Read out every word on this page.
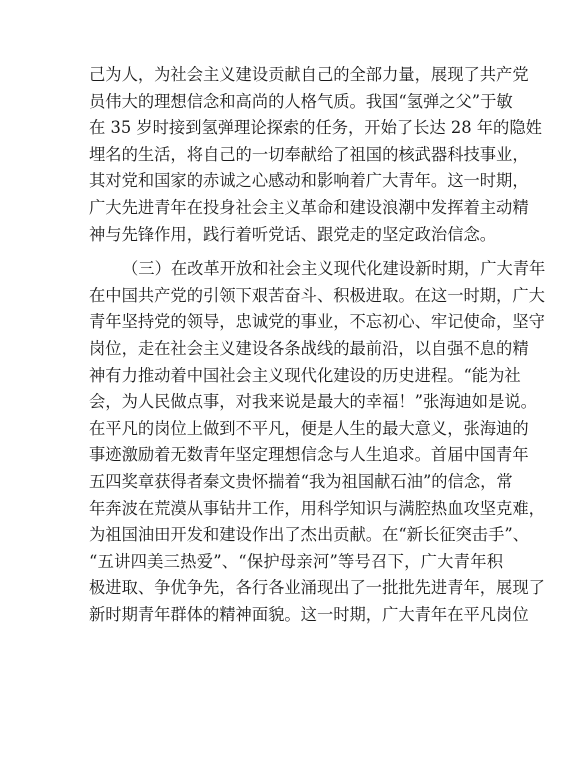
己为人，为社会主义建设贡献自己的全部力量，展现了共产党
员伟大的理想信念和高尚的人格气质。我国“氢弹之父”于敏
在 35 岁时接到氢弹理论探索的任务，开始了长达 28 年的隐姓
埋名的生活，将自己的一切奉献给了祖国的核武器科技事业，
其对党和国家的赤诚之心感动和影响着广大青年。这一时期，
广大先进青年在投身社会主义革命和建设浪潮中发挥着主动精
神与先锋作用，践行着听党话、跟党走的坚定政治信念。
（三）在改革开放和社会主义现代化建设新时期，广大青年
在中国共产党的引领下艰苦奋斗、积极进取。在这一时期，广大
青年坚持党的领导，忠诚党的事业，不忘初心、牢记使命，坚守
岗位，走在社会主义建设各条战线的最前沿，以自强不息的精
神有力推动着中国社会主义现代化建设的历史进程。“能为社
会，为人民做点事，对我来说是最大的幸福！”张海迪如是说。
在平凡的岗位上做到不平凡，便是人生的最大意义，张海迪的
事迹激励着无数青年坚定理想信念与人生追求。首届中国青年
五四奖章获得者秦文贵怀揣着“我为祖国献石油”的信念，常
年奔波在荒漠从事钻井工作，用科学知识与满腔热血攻坚克难，
为祖国油田开发和建设作出了杰出贡献。在“新长征突击手”、
“五讲四美三热爱”、“保护母亲河”等号召下，广大青年积
极进取、争优争先，各行各业涌现出了一批批先进青年，展现了
新时期青年群体的精神面貌。这一时期，广大青年在平凡岗位
